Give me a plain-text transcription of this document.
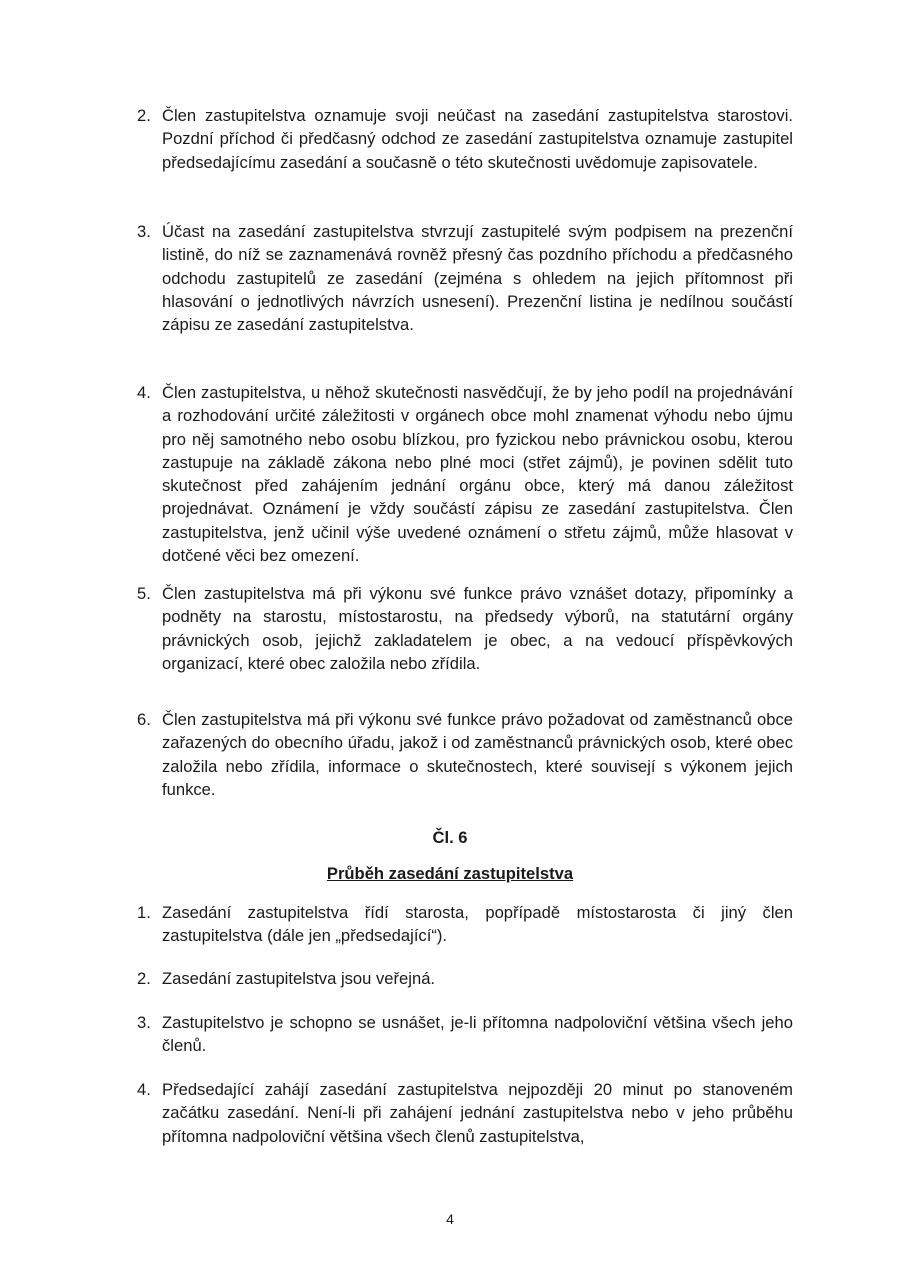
2. Člen zastupitelstva oznamuje svoji neúčast na zasedání zastupitelstva starostovi. Pozdní příchod či předčasný odchod ze zasedání zastupitelstva oznamuje zastupitel předsedajícímu zasedání a současně o této skutečnosti uvědomuje zapisovatele.
3. Účast na zasedání zastupitelstva stvrzují zastupitelé svým podpisem na prezenční listině, do níž se zaznamenává rovněž přesný čas pozdního příchodu a předčasného odchodu zastupitelů ze zasedání (zejména s ohledem na jejich přítomnost při hlasování o jednotlivých návrzích usnesení). Prezenční listina je nedílnou součástí zápisu ze zasedání zastupitelstva.
4. Člen zastupitelstva, u něhož skutečnosti nasvědčují, že by jeho podíl na projednávání a rozhodování určité záležitosti v orgánech obce mohl znamenat výhodu nebo újmu pro něj samotného nebo osobu blízkou, pro fyzickou nebo právnickou osobu, kterou zastupuje na základě zákona nebo plné moci (střet zájmů), je povinen sdělit tuto skutečnost před zahájením jednání orgánu obce, který má danou záležitost projednávat. Oznámení je vždy součástí zápisu ze zasedání zastupitelstva. Člen zastupitelstva, jenž učinil výše uvedené oznámení o střetu zájmů, může hlasovat v dotčené věci bez omezení.
5. Člen zastupitelstva má při výkonu své funkce právo vznášet dotazy, připomínky a podněty na starostu, místostarostu, na předsedy výborů, na statutární orgány právnických osob, jejichž zakladatelem je obec, a na vedoucí příspěvkových organizací, které obec založila nebo zřídila.
6. Člen zastupitelstva má při výkonu své funkce právo požadovat od zaměstnanců obce zařazených do obecního úřadu, jakož i od zaměstnanců právnických osob, které obec založila nebo zřídila, informace o skutečnostech, které souvisejí s výkonem jejich funkce.
Čl. 6
Průběh zasedání zastupitelstva
1. Zasedání zastupitelstva řídí starosta, popřípadě místostarosta či jiný člen zastupitelstva (dále jen „předsedající“).
2. Zasedání zastupitelstva jsou veřejná.
3. Zastupitelstvo je schopno se usnášet, je-li přítomna nadpoloviční většina všech jeho členů.
4. Předsedající zahájí zasedání zastupitelstva nejpozději 20 minut po stanoveném začátku zasedání. Není-li při zahájení jednání zastupitelstva nebo v jeho průběhu přítomna nadpoloviční většina všech členů zastupitelstva,
4
